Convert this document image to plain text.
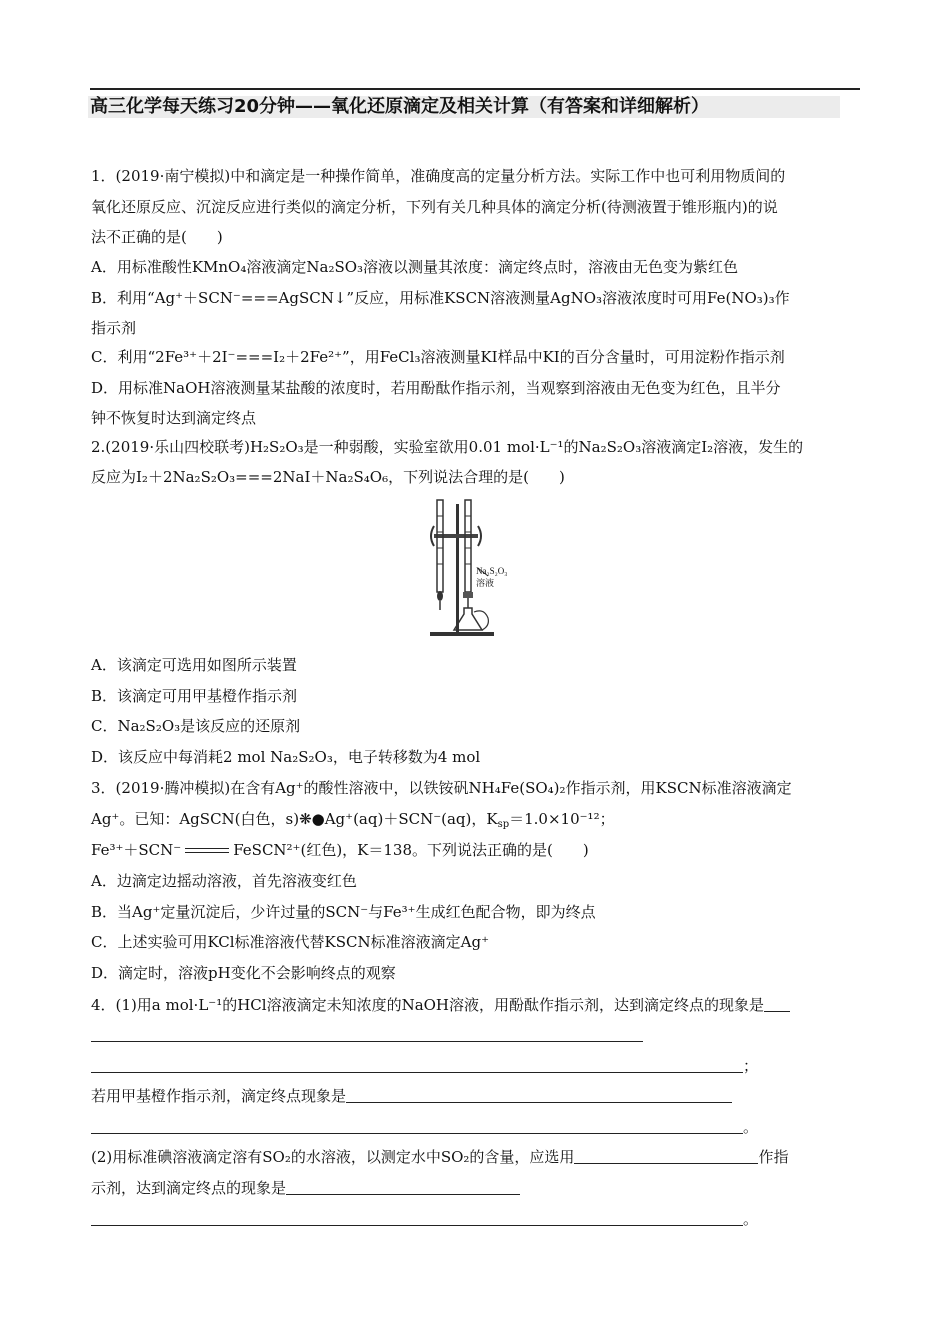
高三化学每天练习20分钟——氧化还原滴定及相关计算（有答案和详细解析）
1．(2019·南宁模拟)中和滴定是一种操作简单，准确度高的定量分析方法。实际工作中也可利用物质间的
氧化还原反应、沉淀反应进行类似的滴定分析，下列有关几种具体的滴定分析(待测液置于锥形瓶内)的说
法不正确的是(　　)
A．用标准酸性KMnO₄溶液滴定Na₂SO₃溶液以测量其浓度：滴定终点时，溶液由无色变为紫红色
B．利用“Ag⁺＋SCN⁻===AgSCN↓”反应，用标准KSCN溶液测量AgNO₃溶液浓度时可用Fe(NO₃)₃作
指示剂
C．利用“2Fe³⁺＋2I⁻===I₂＋2Fe²⁺”，用FeCl₃溶液测量KI样品中KI的百分含量时，可用淀粉作指示剂
D．用标准NaOH溶液测量某盐酸的浓度时，若用酚酞作指示剂，当观察到溶液由无色变为红色，且半分
钟不恢复时达到滴定终点
2.(2019·乐山四校联考)H₂S₂O₃是一种弱酸，实验室欲用0.01 mol·L⁻¹的Na₂S₂O₃溶液滴定I₂溶液，发生的
反应为I₂＋2Na₂S₂O₃===2NaI＋Na₂S₄O₆，下列说法合理的是(　　)
Na₂S₂O₃
溶液
A．该滴定可选用如图所示装置
B．该滴定可用甲基橙作指示剂
C．Na₂S₂O₃是该反应的还原剂
D．该反应中每消耗2 mol Na₂S₂O₃，电子转移数为4 mol
3．(2019·腾冲模拟)在含有Ag⁺的酸性溶液中，以铁铵矾NH₄Fe(SO₄)₂作指示剂，用KSCN标准溶液滴定
Ag⁺。已知：AgSCN(白色，s)❋●Ag⁺(aq)＋SCN⁻(aq)，$K_{sp}=1.0\times 10^{-12}$；
Fe³⁺＋SCN⁻	FeSCN²⁺(红色)，K＝138。下列说法正确的是(　　)
A．边滴定边摇动溶液，首先溶液变红色
B．当Ag⁺定量沉淀后，少许过量的SCN⁻与Fe³⁺生成红色配合物，即为终点
C．上述实验可用KCl标准溶液代替KSCN标准溶液滴定Ag⁺
D．滴定时，溶液pH变化不会影响终点的观察
4．(1)用a mol·L⁻¹的HCl溶液滴定未知浓度的NaOH溶液，用酚酞作指示剂，达到滴定终点的现象是
；
若用甲基橙作指示剂，滴定终点现象是
。
(2)用标准碘溶液滴定溶有SO₂的水溶液，以测定水中SO₂的含量，应选用	作指
示剂，达到滴定终点的现象是
。
